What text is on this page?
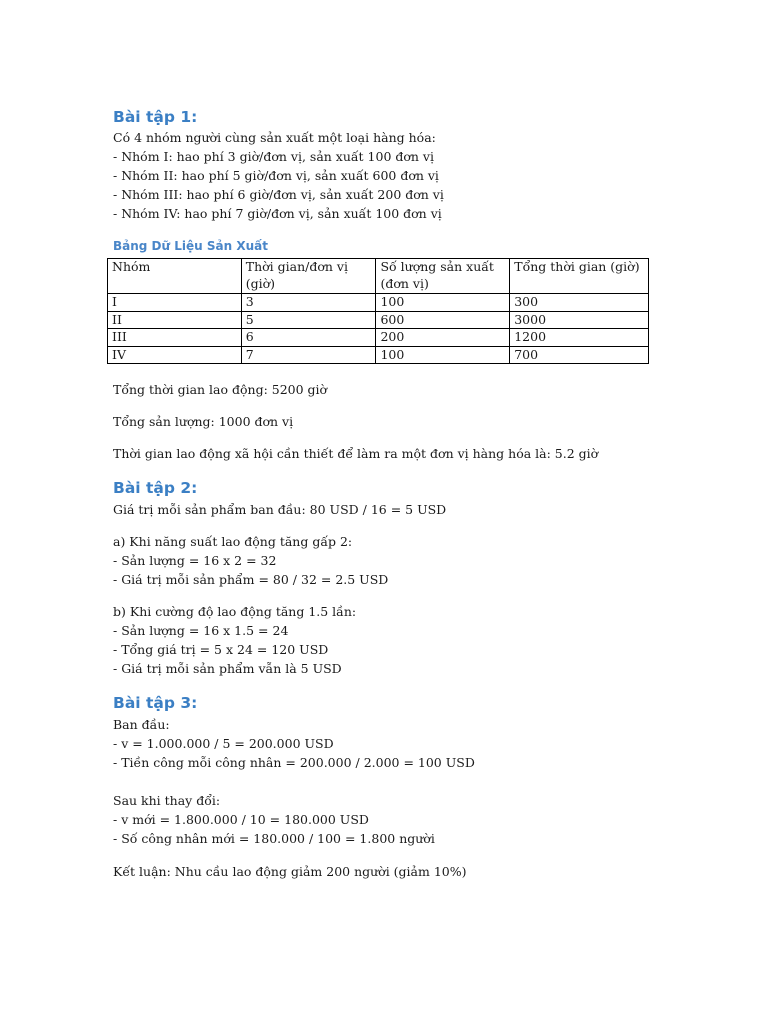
Bài tập 1:
Có 4 nhóm người cùng sản xuất một loại hàng hóa:
- Nhóm I: hao phí 3 giờ/đơn vị, sản xuất 100 đơn vị
- Nhóm II: hao phí 5 giờ/đơn vị, sản xuất 600 đơn vị
- Nhóm III: hao phí 6 giờ/đơn vị, sản xuất 200 đơn vị
- Nhóm IV: hao phí 7 giờ/đơn vị, sản xuất 100 đơn vị
Bảng Dữ Liệu Sản Xuất
Nhóm	Thời gian/đơn vị (giờ)	Số lượng sản xuất (đơn vị)	Tổng thời gian (giờ)
I	3	100	300
II	5	600	3000
III	6	200	1200
IV	7	100	700
Tổng thời gian lao động: 5200 giờ
Tổng sản lượng: 1000 đơn vị
Thời gian lao động xã hội cần thiết để làm ra một đơn vị hàng hóa là: 5.2 giờ
Bài tập 2:
Giá trị mỗi sản phẩm ban đầu: 80 USD / 16 = 5 USD
a) Khi năng suất lao động tăng gấp 2:
- Sản lượng = 16 x 2 = 32
- Giá trị mỗi sản phẩm = 80 / 32 = 2.5 USD
b) Khi cường độ lao động tăng 1.5 lần:
- Sản lượng = 16 x 1.5 = 24
- Tổng giá trị = 5 x 24 = 120 USD
- Giá trị mỗi sản phẩm vẫn là 5 USD
Bài tập 3:
Ban đầu:
- v = 1.000.000 / 5 = 200.000 USD
- Tiền công mỗi công nhân = 200.000 / 2.000 = 100 USD
Sau khi thay đổi:
- v mới = 1.800.000 / 10 = 180.000 USD
- Số công nhân mới = 180.000 / 100 = 1.800 người
Kết luận: Nhu cầu lao động giảm 200 người (giảm 10%)
